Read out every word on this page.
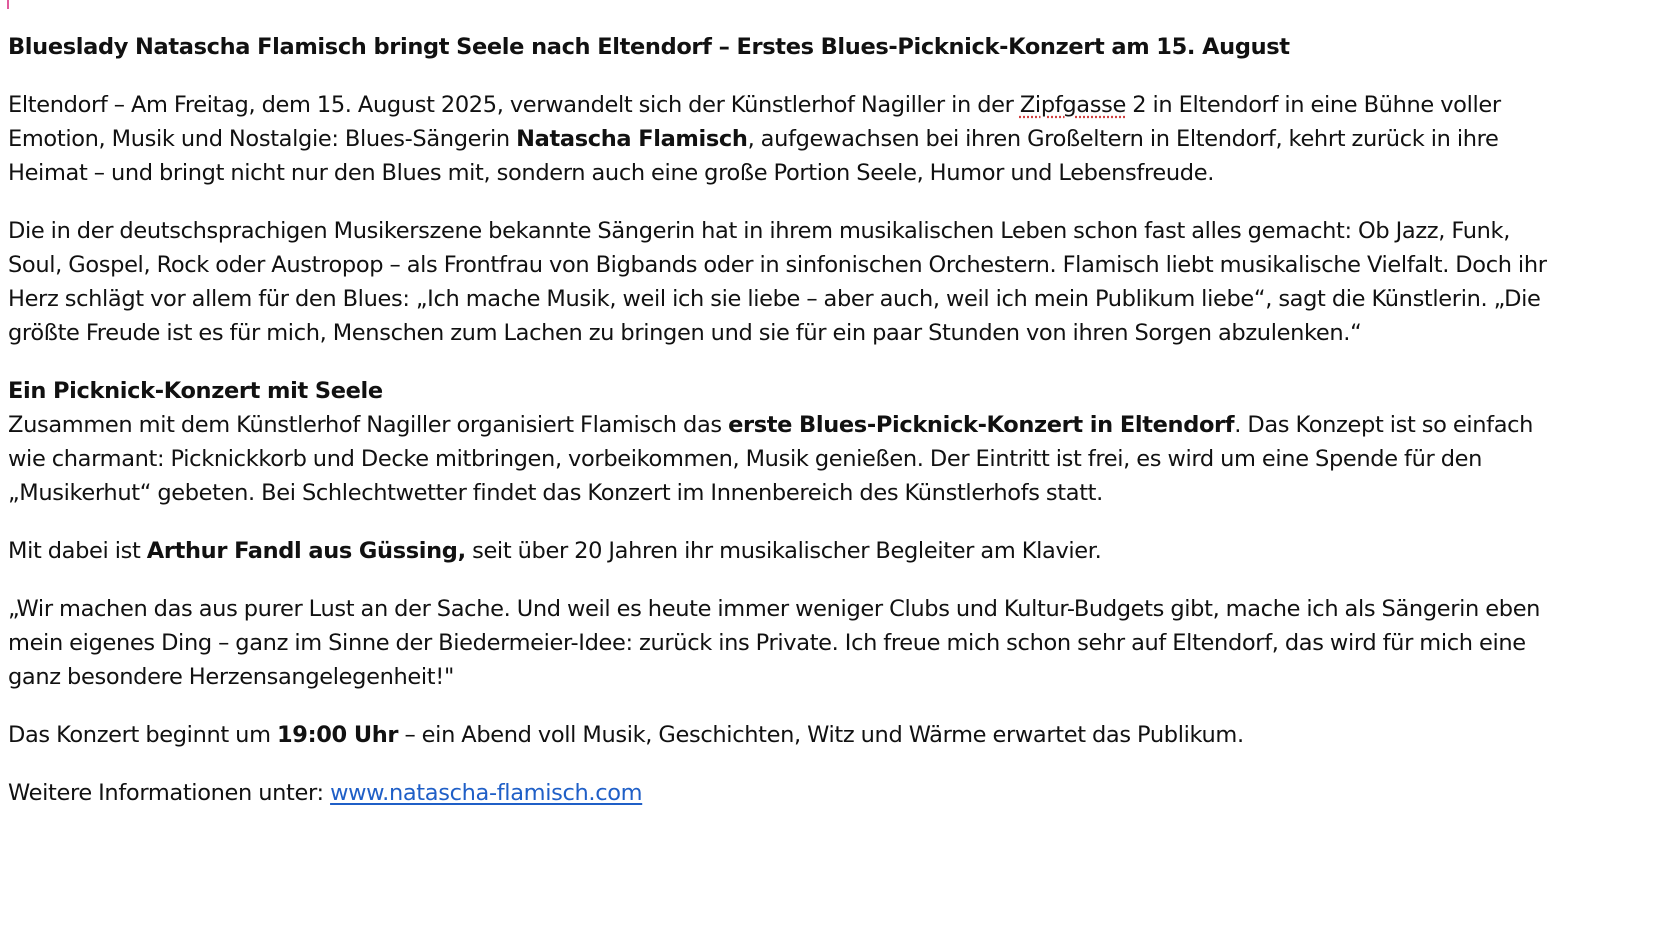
Blueslady Natascha Flamisch bringt Seele nach Eltendorf – Erstes Blues-Picknick-Konzert am 15. August

Eltendorf – Am Freitag, dem 15. August 2025, verwandelt sich der Künstlerhof Nagiller in der Zipfgasse 2 in Eltendorf in eine Bühne voller Emotion, Musik und Nostalgie: Blues-Sängerin Natascha Flamisch, aufgewachsen bei ihren Großeltern in Eltendorf, kehrt zurück in ihre Heimat – und bringt nicht nur den Blues mit, sondern auch eine große Portion Seele, Humor und Lebensfreude.

Die in der deutschsprachigen Musikerszene bekannte Sängerin hat in ihrem musikalischen Leben schon fast alles gemacht: Ob Jazz, Funk, Soul, Gospel, Rock oder Austropop – als Frontfrau von Bigbands oder in sinfonischen Orchestern. Flamisch liebt musikalische Vielfalt. Doch ihr Herz schlägt vor allem für den Blues: „Ich mache Musik, weil ich sie liebe – aber auch, weil ich mein Publikum liebe“, sagt die Künstlerin. „Die größte Freude ist es für mich, Menschen zum Lachen zu bringen und sie für ein paar Stunden von ihren Sorgen abzulenken.“

Ein Picknick-Konzert mit Seele
Zusammen mit dem Künstlerhof Nagiller organisiert Flamisch das erste Blues-Picknick-Konzert in Eltendorf. Das Konzept ist so einfach wie charmant: Picknickkorb und Decke mitbringen, vorbeikommen, Musik genießen. Der Eintritt ist frei, es wird um eine Spende für den „Musikerhut“ gebeten. Bei Schlechtwetter findet das Konzert im Innenbereich des Künstlerhofs statt.

Mit dabei ist Arthur Fandl aus Güssing, seit über 20 Jahren ihr musikalischer Begleiter am Klavier.

„Wir machen das aus purer Lust an der Sache. Und weil es heute immer weniger Clubs und Kultur-Budgets gibt, mache ich als Sängerin eben mein eigenes Ding – ganz im Sinne der Biedermeier-Idee: zurück ins Private. Ich freue mich schon sehr auf Eltendorf, das wird für mich eine ganz besondere Herzensangelegenheit!"

Das Konzert beginnt um 19:00 Uhr – ein Abend voll Musik, Geschichten, Witz und Wärme erwartet das Publikum.

Weitere Informationen unter: www.natascha-flamisch.com
